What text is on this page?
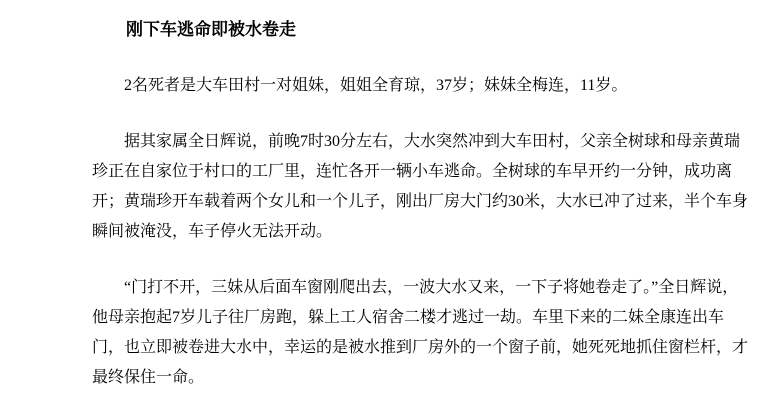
刚下车逃命即被水卷走

2名死者是大车田村一对姐妹，姐姐全育琼，37岁；妹妹全梅连，11岁。

据其家属全日辉说，前晚7时30分左右，大水突然冲到大车田村，父亲全树球和母亲黄瑞珍正在自家位于村口的工厂里，连忙各开一辆小车逃命。全树球的车早开约一分钟，成功离开；黄瑞珍开车载着两个女儿和一个儿子，刚出厂房大门约30米，大水已冲了过来，半个车身瞬间被淹没，车子停火无法开动。

“门打不开，三妹从后面车窗刚爬出去，一波大水又来，一下子将她卷走了。”全日辉说，他母亲抱起7岁儿子往厂房跑，躲上工人宿舍二楼才逃过一劫。车里下来的二妹全康连出车门，也立即被卷进大水中，幸运的是被水推到厂房外的一个窗子前，她死死地抓住窗栏杆，才最终保住一命。
